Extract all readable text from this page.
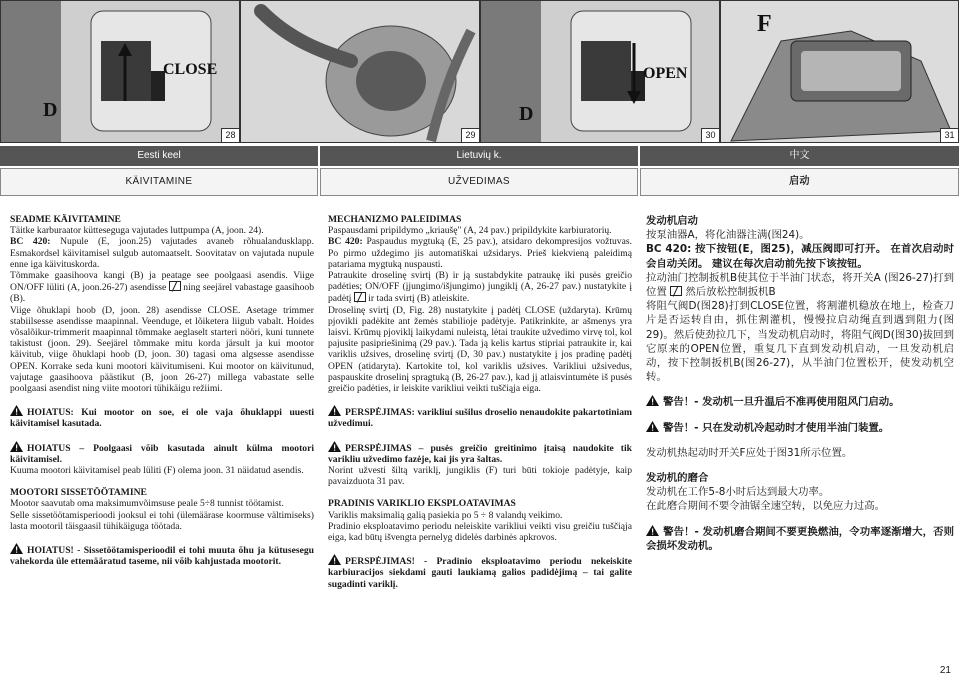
CLOSE
D
28	29
OPEN
D
30
F
31
Eesti keel	Lietuvių k.	中文
KÄIVITAMINE	UŽVEDIMAS	启动
SEADME KÄIVITAMINE

Täitke karburaator kütteseguga vajutades luttpumpa (A, joon. 24).

BC 420: Nupule (E, joon.25) vajutades avaneb rõhualandusklapp. Esmakordsel käivitamisel sulgub automaatselt. Soovitatav on vajutada nupule enne iga käivituskorda.

Tõmmake gaasihoova kangi (B) ja peatage see poolgaasi asendis. Viige ON/OFF lüliti (A, joon.26-27) asendisse ning seejärel vabastage gaasihoob (B).

Viige õhuklapi hoob (D, joon. 28) asendisse CLOSE. Asetage trimmer stabiilsesse asendisse maapinnal. Veenduge, et lõiketera liigub vabalt. Hoides võsalõikur-trimmerit maapinnal tõmmake aeglaselt starteri nööri, kuni tunnete takistust (joon. 29). Seejärel tõmmake mitu korda järsult ja kui mootor käivitub, viige õhuklapi hoob (D, joon. 30) tagasi oma algsesse asendisse OPEN. Korrake seda kuni mootori käivitumiseni. Kui mootor on käivitunud, vajutage gaasihoova päästikut (B, joon 26-27) millega vabastate selle poolgaasi asendist ning viite mootori tühikäigu režiimi.

HOIATUS: Kui mootor on soe, ei ole vaja õhuklappi uuesti käivitamisel kasutada.

HOIATUS – Poolgaasi võib kasutada ainult külma mootori käivitamisel.

Kuuma mootori käivitamisel peab lüliti (F) olema joon. 31 näidatud asendis.

MOOTORI SISSETÖÖTAMINE

Mootor saavutab oma maksimumvõimsuse peale 5÷8 tunnist töötamist.

Selle sissetöötamisperioodi jooksul ei tohi (ülemäärase koormuse vältimiseks) lasta mootoril täisgaasil tühikäiguga töötada.

HOIATUS! - Sissetöötamisperioodil ei tohi muuta õhu ja kütusesegu vahekorda üle ettemääratud taseme, nii võib kahjustada mootorit.

MECHANIZMO PALEIDIMAS

Paspausdami pripildymo „kriaušę" (A, 24 pav.) pripildykite karbiuratorių.

BC 420: Paspaudus mygtuką (E, 25 pav.), atsidaro dekompresijos vožtuvas. Po pirmo uždegimo jis automatiškai užsidarys. Prieš kiekvieną paleidimą patariama mygtuką nuspausti.

Patraukite droselinę svirtį (B) ir ją sustabdykite patraukę iki pusės greičio padėties; ON/OFF (įjungimo/išjungimo) jungiklį (A, 26-27 pav.) nustatykite į padėtį ir tada svirtį (B) atleiskite.

Droselinę svirtį (D, Fig. 28) nustatykite į padėtį CLOSE (uždaryta). Krūmų pjovikli padėkite ant žemės stabilioje padėtyje. Patikrinkite, ar ašmenys yra laisvi. Krūmų pjovіklį laikydami nuleistą, lėtai traukite užvedimo virvę tol, kol pajusite pasipriešinimą (29 pav.). Tada ją kelis kartus stipriai patraukite ir, kai variklis užsives, droselinę svirtį (D, 30 pav.) nustatykite į jos pradinę padėtį OPEN (atidaryta). Kartokite tol, kol variklis užsives. Varikliui užsivedus, paspauskite droselinį spragtuką (B, 26-27 pav.), kad jį atlaisvintumėte iš pusės greičio padėties, ir leiskite varikliui veikti tuščiąja eiga.

PERSPĖJIMAS: varikliui sušilus droselio nenaudokite pakartotiniam užvedimui.

PERSPĖJIMAS – pusės greičio greitinimo įtaisą naudokite tik varikliu užvedimo fazėje, kai jis yra šaltas.

Norint užvesti šiltą variklį, jungiklis (F) turi būti tokioje padėtyje, kaip pavaizduota 31 pav.

PRADINIS VARIKLIO EKSPLOATAVIMAS

Variklis maksimalią galią pasiekia po 5 ÷ 8 valandų veikimo.

Pradinio eksploatavimo periodu neleiskite varikliui veikti visu greičiu tuščiąja eiga, kad būtų išvengta pernelyg didelės darbinės apkrovos.

PERSPĖJIMAS! - Pradinio eksploatavimo periodu nekeiskite karbiuracijos siekdami gauti laukiamą galios padidėjimą – tai galite sugadinti variklį.

发动机启动

按泵油器A，将化油器注满(图24)。

BC 420: 按下按钮(E，图25)，减压阀即可打开。 在首次启动时会自动关闭。 建议在每次启动前先按下该按钮。

拉动油门控制扳机B使其位于半油门状态，将开关A (图26-27)打到位置 然后放松控制扳机B

将阻气阀D(图28)打到CLOSE位置，将割灌机稳放在地上，检查刀片是否运转自由，抓住割灌机，慢慢拉启动绳直到遇到阻力(图29)。然后使劲拉几下，当发动机启动时，将阻气阀D(图30)拔回到它原来的OPEN位置，重复几下直到发动机启动，一旦发动机启动，按下控制扳机B(图26-27)，从半油门位置松开，使发动机空转。

警告！- 发动机一旦升温后不准再使用阻风门启动。

警告！- 只在发动机冷起动时才使用半油门装置。

发动机热起动时开关F应处于图31所示位置。

发动机的磨合

发动机在工作5-8小时后达到最大功率。

在此磨合期间不要令油锯全速空转，以免应力过高。

警告！- 发动机磨合期间不要更换燃油，令功率逐渐增大，否则会损坏发动机。

21
